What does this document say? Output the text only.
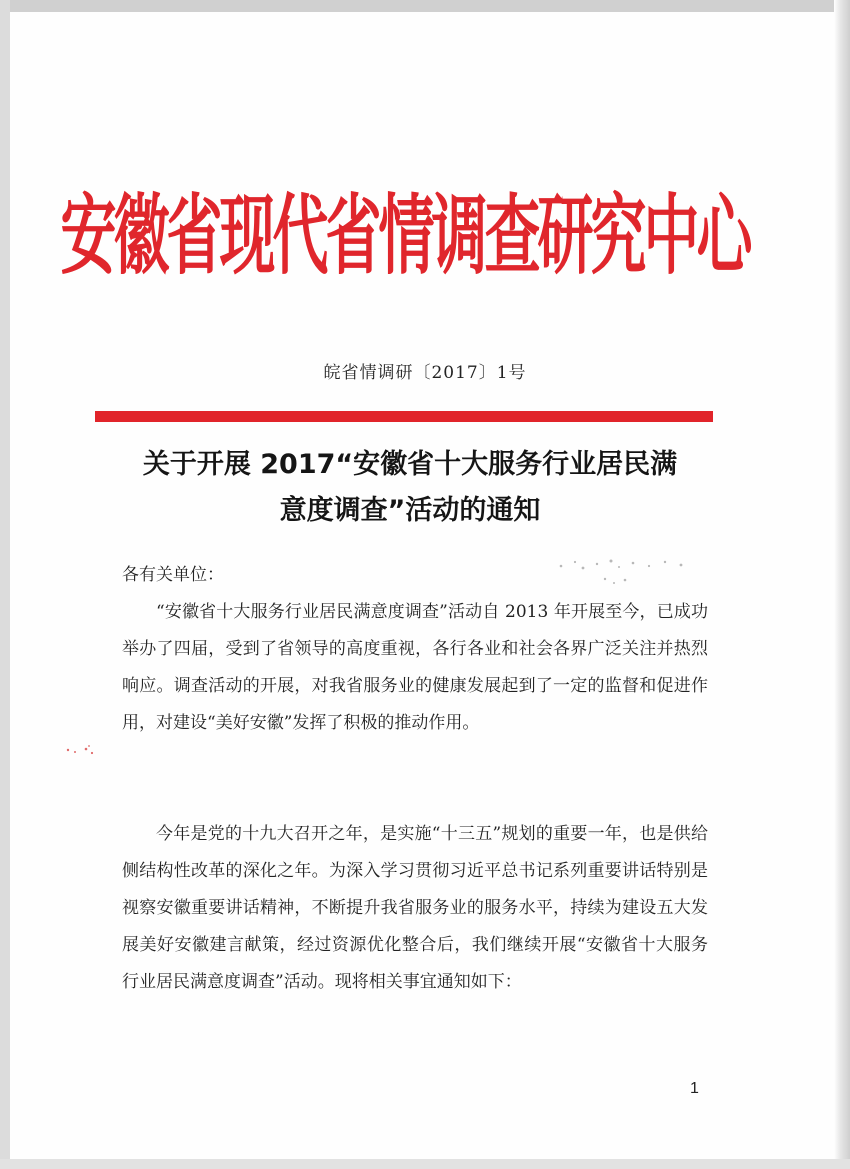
安徽省现代省情调查研究中心
皖省情调研〔2017〕1号
关于开展 2017“安徽省十大服务行业居民满
意度调查”活动的通知
各有关单位：

“安徽省十大服务行业居民满意度调查”活动自 2013 年开展至今，已成功举办了四届，受到了省领导的高度重视，各行各业和社会各界广泛关注并热烈响应。调查活动的开展，对我省服务业的健康发展起到了一定的监督和促进作用，对建设“美好安徽”发挥了积极的推动作用。

今年是党的十九大召开之年，是实施“十三五”规划的重要一年，也是供给侧结构性改革的深化之年。为深入学习贯彻习近平总书记系列重要讲话特别是视察安徽重要讲话精神，不断提升我省服务业的服务水平，持续为建设五大发展美好安徽建言献策，经过资源优化整合后，我们继续开展“安徽省十大服务行业居民满意度调查”活动。现将相关事宜通知如下：

1
